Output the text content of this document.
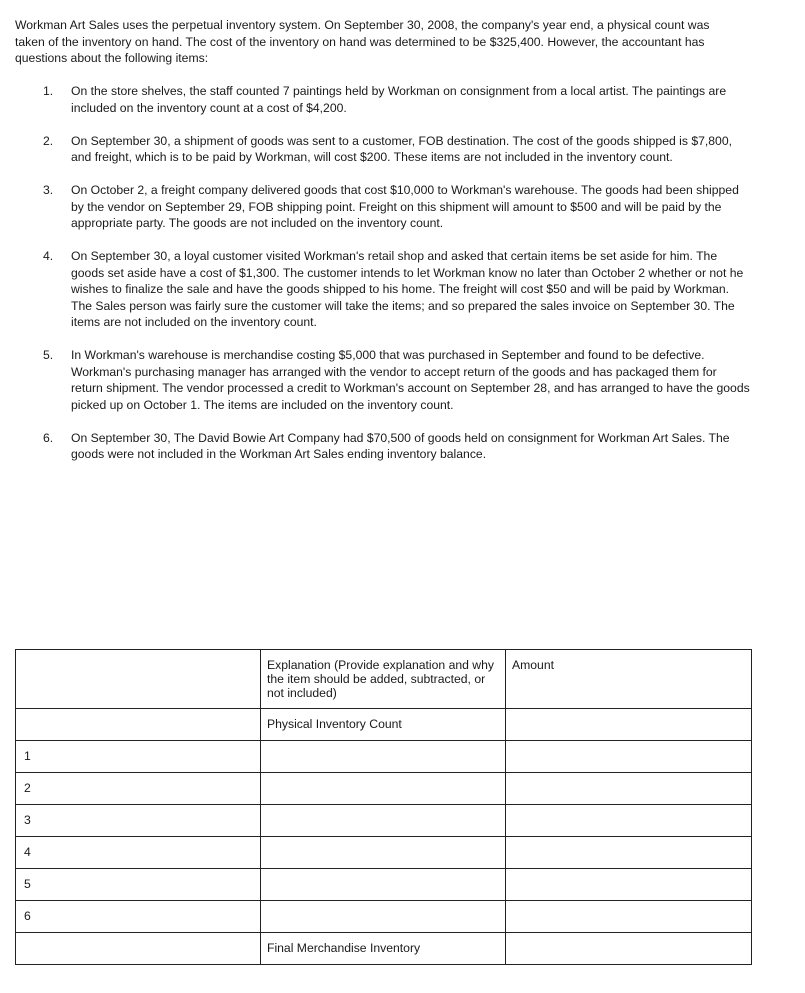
Workman Art Sales uses the perpetual inventory system. On September 30, 2008, the company's year end, a physical count was taken of the inventory on hand. The cost of the inventory on hand was determined to be $325,400. However, the accountant has questions about the following items:

1. On the store shelves, the staff counted 7 paintings held by Workman on consignment from a local artist. The paintings are included on the inventory count at a cost of $4,200.
2. On September 30, a shipment of goods was sent to a customer, FOB destination. The cost of the goods shipped is $7,800, and freight, which is to be paid by Workman, will cost $200. These items are not included in the inventory count.
3. On October 2, a freight company delivered goods that cost $10,000 to Workman's warehouse. The goods had been shipped by the vendor on September 29, FOB shipping point. Freight on this shipment will amount to $500 and will be paid by the appropriate party. The goods are not included on the inventory count.
4. On September 30, a loyal customer visited Workman's retail shop and asked that certain items be set aside for him. The goods set aside have a cost of $1,300. The customer intends to let Workman know no later than October 2 whether or not he wishes to finalize the sale and have the goods shipped to his home. The freight will cost $50 and will be paid by Workman. The Sales person was fairly sure the customer will take the items; and so prepared the sales invoice on September 30. The items are not included on the inventory count.
5. In Workman's warehouse is merchandise costing $5,000 that was purchased in September and found to be defective. Workman's purchasing manager has arranged with the vendor to accept return of the goods and has packaged them for return shipment. The vendor processed a credit to Workman's account on September 28, and has arranged to have the goods picked up on October 1. The items are included on the inventory count.
6. On September 30, The David Bowie Art Company had $70,500 of goods held on consignment for Workman Art Sales. The goods were not included in the Workman Art Sales ending inventory balance.
	Explanation (Provide explanation and why the item should be added, subtracted, or not included)	Amount
	Physical Inventory Count	
1		
2		
3		
4		
5		
6		
	Final Merchandise Inventory	
